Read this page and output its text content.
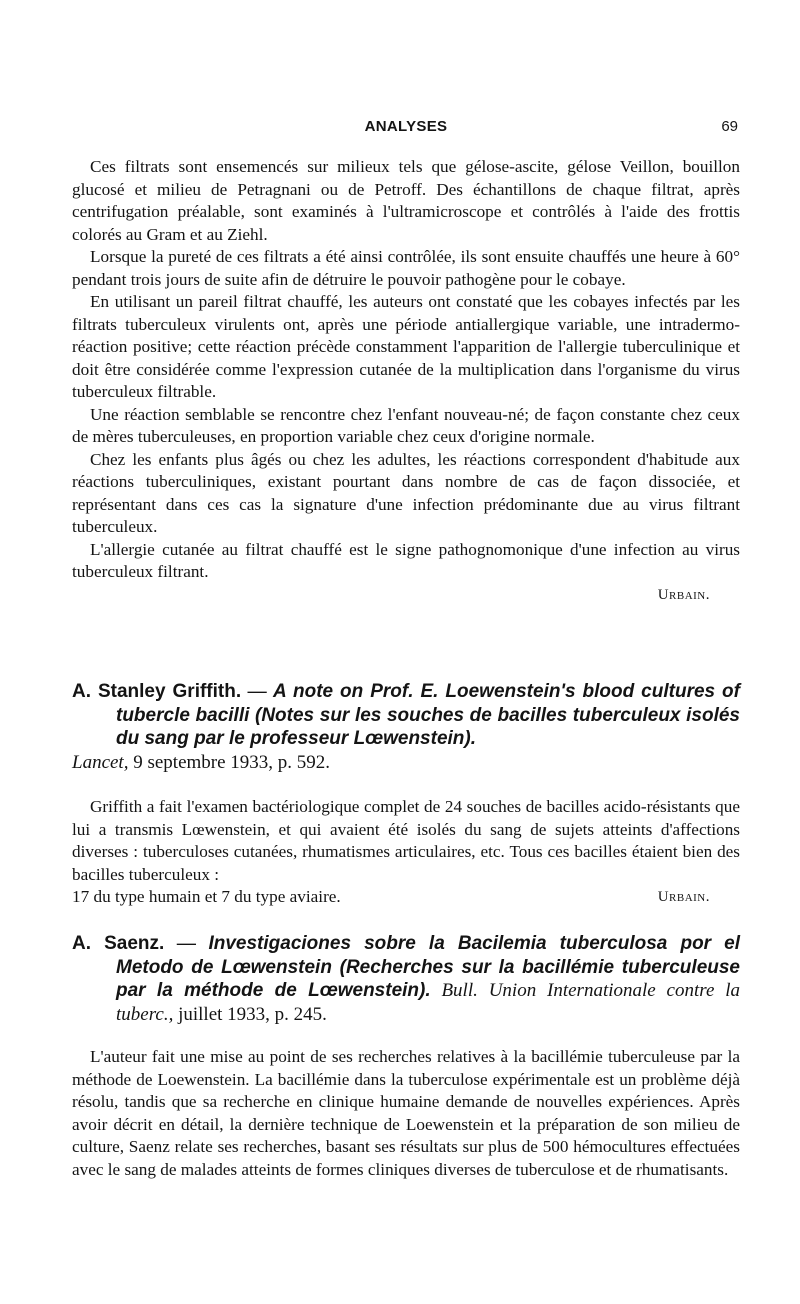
ANALYSES	69

Ces filtrats sont ensemencés sur milieux tels que gélose-ascite, gélose Veillon, bouillon glucosé et milieu de Petragnani ou de Petroff. Des échantillons de chaque filtrat, après centrifugation préalable, sont examinés à l'ultramicroscope et contrôlés à l'aide des frottis colorés au Gram et au Ziehl.

Lorsque la pureté de ces filtrats a été ainsi contrôlée, ils sont ensuite chauffés une heure à 60° pendant trois jours de suite afin de détruire le pouvoir pathogène pour le cobaye.

En utilisant un pareil filtrat chauffé, les auteurs ont constaté que les cobayes infectés par les filtrats tuberculeux virulents ont, après une période antiallergique variable, une intradermo-réaction positive; cette réaction précède constamment l'apparition de l'allergie tuberculinique et doit être considérée comme l'expression cutanée de la multiplication dans l'organisme du virus tuberculeux filtrable.

Une réaction semblable se rencontre chez l'enfant nouveau-né; de façon constante chez ceux de mères tuberculeuses, en proportion variable chez ceux d'origine normale.

Chez les enfants plus âgés ou chez les adultes, les réactions correspondent d'habitude aux réactions tuberculiniques, existant pourtant dans nombre de cas de façon dissociée, et représentant dans ces cas la signature d'une infection prédominante due au virus filtrant tuberculeux.

L'allergie cutanée au filtrat chauffé est le signe pathognomonique d'une infection au virus tuberculeux filtrant.

Urbain.
A. Stanley Griffith. — A note on Prof. E. Loewenstein's blood cultures of tubercle bacilli (Notes sur les souches de bacilles tuberculeux isolés du sang par le professeur Lœwenstein).
Lancet, 9 septembre 1933, p. 592.

Griffith a fait l'examen bactériologique complet de 24 souches de bacilles acido-résistants que lui a transmis Lœwenstein, et qui avaient été isolés du sang de sujets atteints d'affections diverses : tuberculoses cutanées, rhumatismes articulaires, etc. Tous ces bacilles étaient bien des bacilles tuberculeux :

17 du type humain et 7 du type aviaire.	Urbain.
A. Saenz. — Investigaciones sobre la Bacilemia tuberculosa por el Metodo de Lœwenstein (Recherches sur la bacillémie tuberculeuse par la méthode de Lœwenstein). Bull. Union Internationale contre la tuberc., juillet 1933, p. 245.

L'auteur fait une mise au point de ses recherches relatives à la bacillémie tuberculeuse par la méthode de Loewenstein. La bacillémie dans la tuberculose expérimentale est un problème déjà résolu, tandis que sa recherche en clinique humaine demande de nouvelles expériences. Après avoir décrit en détail, la dernière technique de Loewenstein et la préparation de son milieu de culture, Saenz relate ses recherches, basant ses résultats sur plus de 500 hémocultures effectuées avec le sang de malades atteints de formes cliniques diverses de tuberculose et de rhumatisants.
